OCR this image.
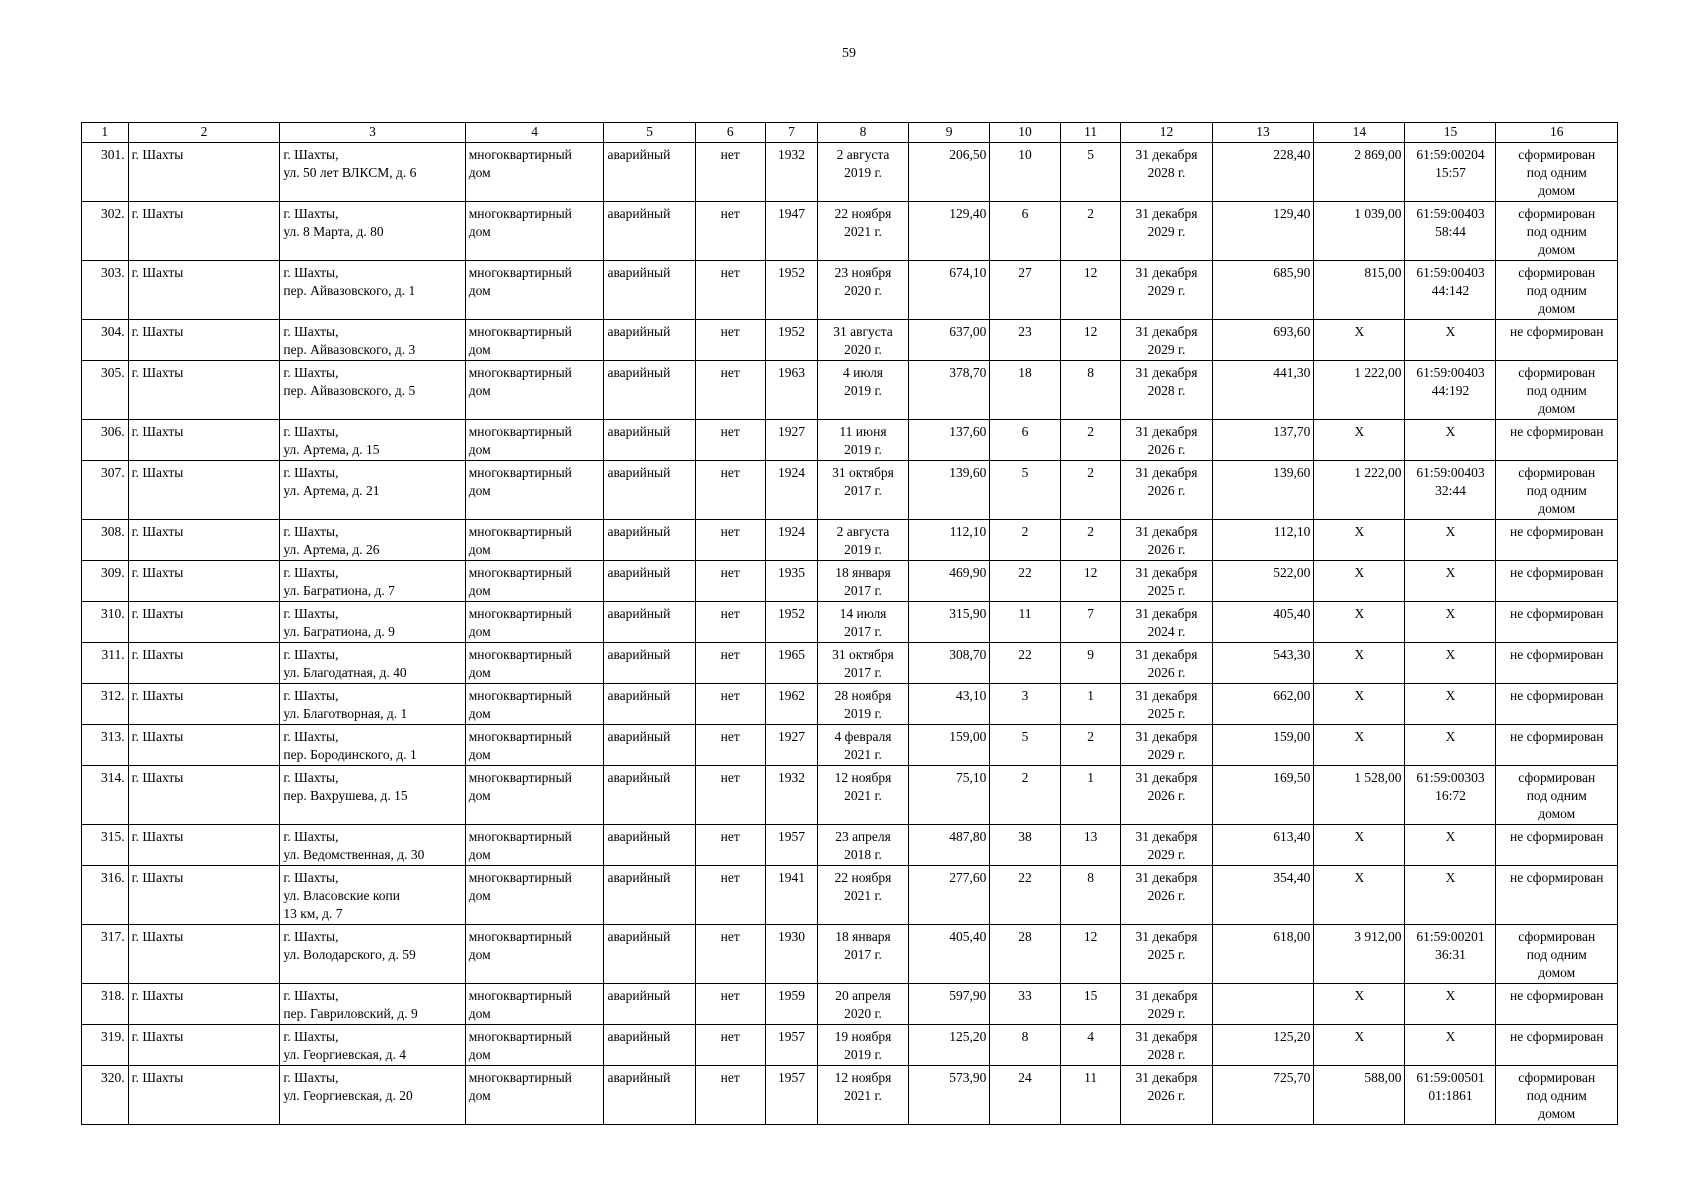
59
1	2	3	4	5	6	7	8	9	10	11	12	13	14	15	16
301.	г. Шахты	г. Шахты,
ул. 50 лет ВЛКСМ, д. 6	многоквартирный
дом	аварийный	нет	1932	2 августа
2019 г.	206,50	10	5	31 декабря
2028 г.	228,40	2 869,00	61:59:00204
15:57	сформирован
под одним
домом
302.	г. Шахты	г. Шахты,
ул. 8 Марта, д. 80	многоквартирный
дом	аварийный	нет	1947	22 ноября
2021 г.	129,40	6	2	31 декабря
2029 г.	129,40	1 039,00	61:59:00403
58:44	сформирован
под одним
домом
303.	г. Шахты	г. Шахты,
пер. Айвазовского, д. 1	многоквартирный
дом	аварийный	нет	1952	23 ноября
2020 г.	674,10	27	12	31 декабря
2029 г.	685,90	815,00	61:59:00403
44:142	сформирован
под одним
домом
304.	г. Шахты	г. Шахты,
пер. Айвазовского, д. 3	многоквартирный
дом	аварийный	нет	1952	31 августа
2020 г.	637,00	23	12	31 декабря
2029 г.	693,60	X	X	не сформирован
305.	г. Шахты	г. Шахты,
пер. Айвазовского, д. 5	многоквартирный
дом	аварийный	нет	1963	4 июля
2019 г.	378,70	18	8	31 декабря
2028 г.	441,30	1 222,00	61:59:00403
44:192	сформирован
под одним
домом
306.	г. Шахты	г. Шахты,
ул. Артема, д. 15	многоквартирный
дом	аварийный	нет	1927	11 июня
2019 г.	137,60	6	2	31 декабря
2026 г.	137,70	X	X	не сформирован
307.	г. Шахты	г. Шахты,
ул. Артема, д. 21	многоквартирный
дом	аварийный	нет	1924	31 октября
2017 г.	139,60	5	2	31 декабря
2026 г.	139,60	1 222,00	61:59:00403
32:44	сформирован
под одним
домом
308.	г. Шахты	г. Шахты,
ул. Артема, д. 26	многоквартирный
дом	аварийный	нет	1924	2 августа
2019 г.	112,10	2	2	31 декабря
2026 г.	112,10	X	X	не сформирован
309.	г. Шахты	г. Шахты,
ул. Багратиона, д. 7	многоквартирный
дом	аварийный	нет	1935	18 января
2017 г.	469,90	22	12	31 декабря
2025 г.	522,00	X	X	не сформирован
310.	г. Шахты	г. Шахты,
ул. Багратиона, д. 9	многоквартирный
дом	аварийный	нет	1952	14 июля
2017 г.	315,90	11	7	31 декабря
2024 г.	405,40	X	X	не сформирован
311.	г. Шахты	г. Шахты,
ул. Благодатная, д. 40	многоквартирный
дом	аварийный	нет	1965	31 октября
2017 г.	308,70	22	9	31 декабря
2026 г.	543,30	X	X	не сформирован
312.	г. Шахты	г. Шахты,
ул. Благотворная, д. 1	многоквартирный
дом	аварийный	нет	1962	28 ноября
2019 г.	43,10	3	1	31 декабря
2025 г.	662,00	X	X	не сформирован
313.	г. Шахты	г. Шахты,
пер. Бородинского, д. 1	многоквартирный
дом	аварийный	нет	1927	4 февраля
2021 г.	159,00	5	2	31 декабря
2029 г.	159,00	X	X	не сформирован
314.	г. Шахты	г. Шахты,
пер. Вахрушева, д. 15	многоквартирный
дом	аварийный	нет	1932	12 ноября
2021 г.	75,10	2	1	31 декабря
2026 г.	169,50	1 528,00	61:59:00303
16:72	сформирован
под одним
домом
315.	г. Шахты	г. Шахты,
ул. Ведомственная, д. 30	многоквартирный
дом	аварийный	нет	1957	23 апреля
2018 г.	487,80	38	13	31 декабря
2029 г.	613,40	X	X	не сформирован
316.	г. Шахты	г. Шахты,
ул. Власовские копи
13 км, д. 7	многоквартирный
дом	аварийный	нет	1941	22 ноября
2021 г.	277,60	22	8	31 декабря
2026 г.	354,40	X	X	не сформирован
317.	г. Шахты	г. Шахты,
ул. Володарского, д. 59	многоквартирный
дом	аварийный	нет	1930	18 января
2017 г.	405,40	28	12	31 декабря
2025 г.	618,00	3 912,00	61:59:00201
36:31	сформирован
под одним
домом
318.	г. Шахты	г. Шахты,
пер. Гавриловский, д. 9	многоквартирный
дом	аварийный	нет	1959	20 апреля
2020 г.	597,90	33	15	31 декабря
2029 г.		X	X	не сформирован
319.	г. Шахты	г. Шахты,
ул. Георгиевская, д. 4	многоквартирный
дом	аварийный	нет	1957	19 ноября
2019 г.	125,20	8	4	31 декабря
2028 г.	125,20	X	X	не сформирован
320.	г. Шахты	г. Шахты,
ул. Георгиевская, д. 20	многоквартирный
дом	аварийный	нет	1957	12 ноября
2021 г.	573,90	24	11	31 декабря
2026 г.	725,70	588,00	61:59:00501
01:1861	сформирован
под одним
домом
